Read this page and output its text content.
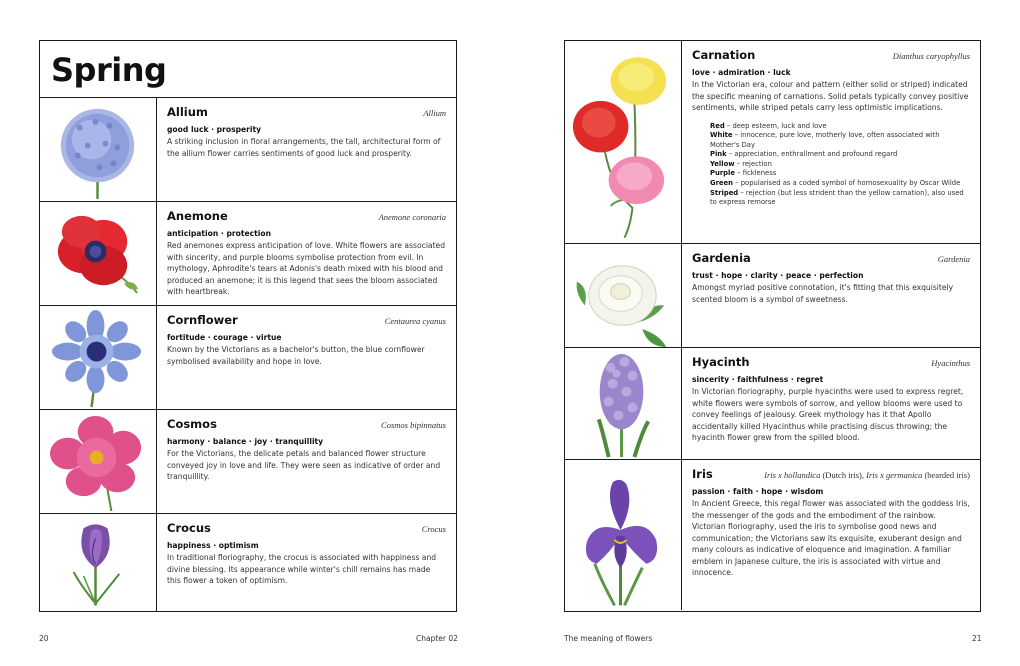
Spring
Allium	Allium
good luck · prosperity
A striking inclusion in floral arrangements, the tall, architectural form of the allium flower carries sentiments of good luck and prosperity.
Anemone	Anemone coronaria
anticipation · protection
Red anemones express anticipation of love. White flowers are associated with sincerity, and purple blooms symbolise protection from evil. In mythology, Aphrodite's tears at Adonis's death mixed with his blood and produced an anemone; it is this legend that sees the bloom associated with heartbreak.
Cornflower	Centaurea cyanus
fortitude · courage · virtue
Known by the Victorians as a bachelor's button, the blue cornflower symbolised availability and hope in love.
Cosmos	Cosmos bipinnatus
harmony · balance · joy · tranquillity
For the Victorians, the delicate petals and balanced flower structure conveyed joy in love and life. They were seen as indicative of order and tranquillity.
Crocus	Crocus
happiness · optimism
In traditional floriography, the crocus is associated with happiness and divine blessing. Its appearance while winter's chill remains has made this flower a token of optimism.
Carnation	Dianthus caryophyllus
love · admiration · luck
In the Victorian era, colour and pattern (either solid or striped) indicated the specific meaning of carnations. Solid petals typically convey positive sentiments, while striped petals carry less optimistic implications.
Red – deep esteem, luck and love
White – innocence, pure love, motherly love, often associated with Mother's Day
Pink – appreciation, enthrallment and profound regard
Yellow – rejection
Purple – fickleness
Green – popularised as a coded symbol of homosexuality by Oscar Wilde
Striped – rejection (but less strident than the yellow carnation), also used to express remorse
Gardenia	Gardenia
trust · hope · clarity · peace · perfection
Amongst myriad positive connotation, it's fitting that this exquisitely scented bloom is a symbol of sweetness.
Hyacinth	Hyacinthus
sincerity · faithfulness · regret
In Victorian floriography, purple hyacinths were used to express regret, white flowers were symbols of sorrow, and yellow blooms were used to convey feelings of jealousy. Greek mythology has it that Apollo accidentally killed Hyacinthus while practising discus throwing; the hyacinth flower grew from the spilled blood.
Iris	Iris x hollandica (Dutch iris), Iris x germanica (bearded iris)
passion · faith · hope · wisdom
In Ancient Greece, this regal flower was associated with the goddess Iris, the messenger of the gods and the embodiment of the rainbow. Victorian floriography, used the iris to symbolise good news and communication; the Victorians saw its exquisite, exuberant design and many colours as indicative of eloquence and imagination. A familiar emblem in Japanese culture, the iris is associated with virtue and innocence.
20	Chapter 02	The meaning of flowers	21
